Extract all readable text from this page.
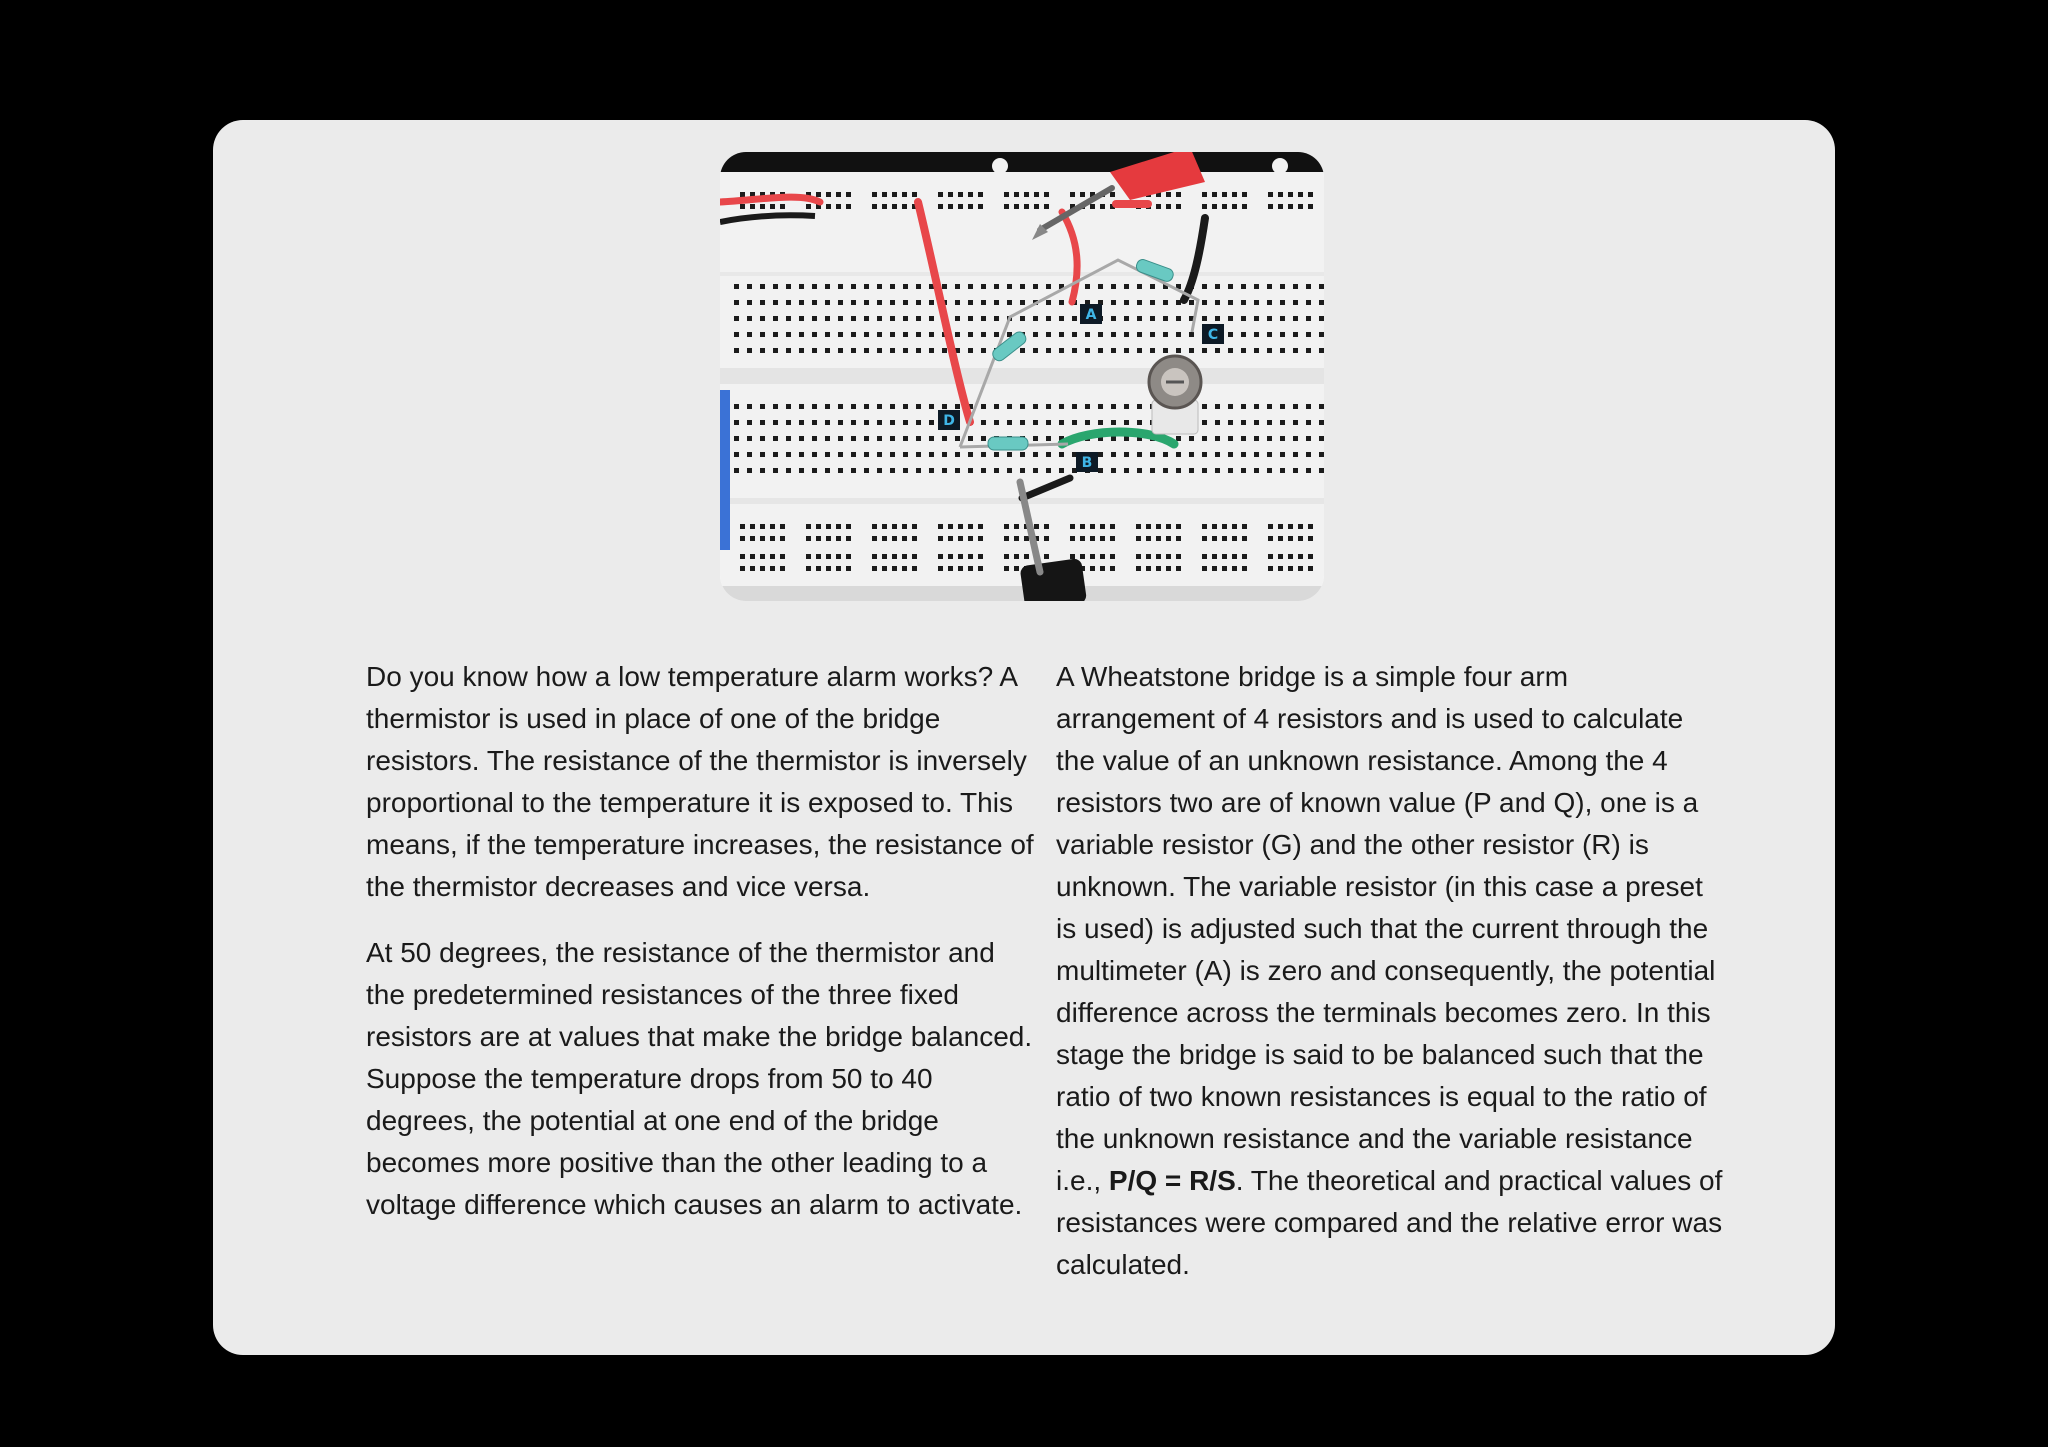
A
B
C
D

Do you know how a low temperature alarm works? A thermistor is used in place of one of the bridge resistors. The resistance of the thermistor is inversely proportional to the temperature it is exposed to. This means, if the temperature increases, the resistance of the thermistor decreases and vice versa.

At 50 degrees, the resistance of the thermistor and the predetermined resistances of the three fixed resistors are at values that make the bridge balanced. Suppose the temperature drops from 50 to 40 degrees, the potential at one end of the bridge becomes more positive than the other leading to a voltage difference which causes an alarm to activate.

A Wheatstone bridge is a simple four arm arrangement of 4 resistors and is used to calculate the value of an unknown resistance. Among the 4 resistors two are of known value (P and Q), one is a variable resistor (G) and the other resistor (R) is unknown. The variable resistor (in this case a preset is used) is adjusted such that the current through the multimeter (A) is zero and consequently, the potential difference across the terminals becomes zero. In this stage the bridge is said to be balanced such that the ratio of two known resistances is equal to the ratio of the unknown resistance and the variable resistance i.e., P/Q = R/S. The theoretical and practical values of resistances were compared and the relative error was calculated.
